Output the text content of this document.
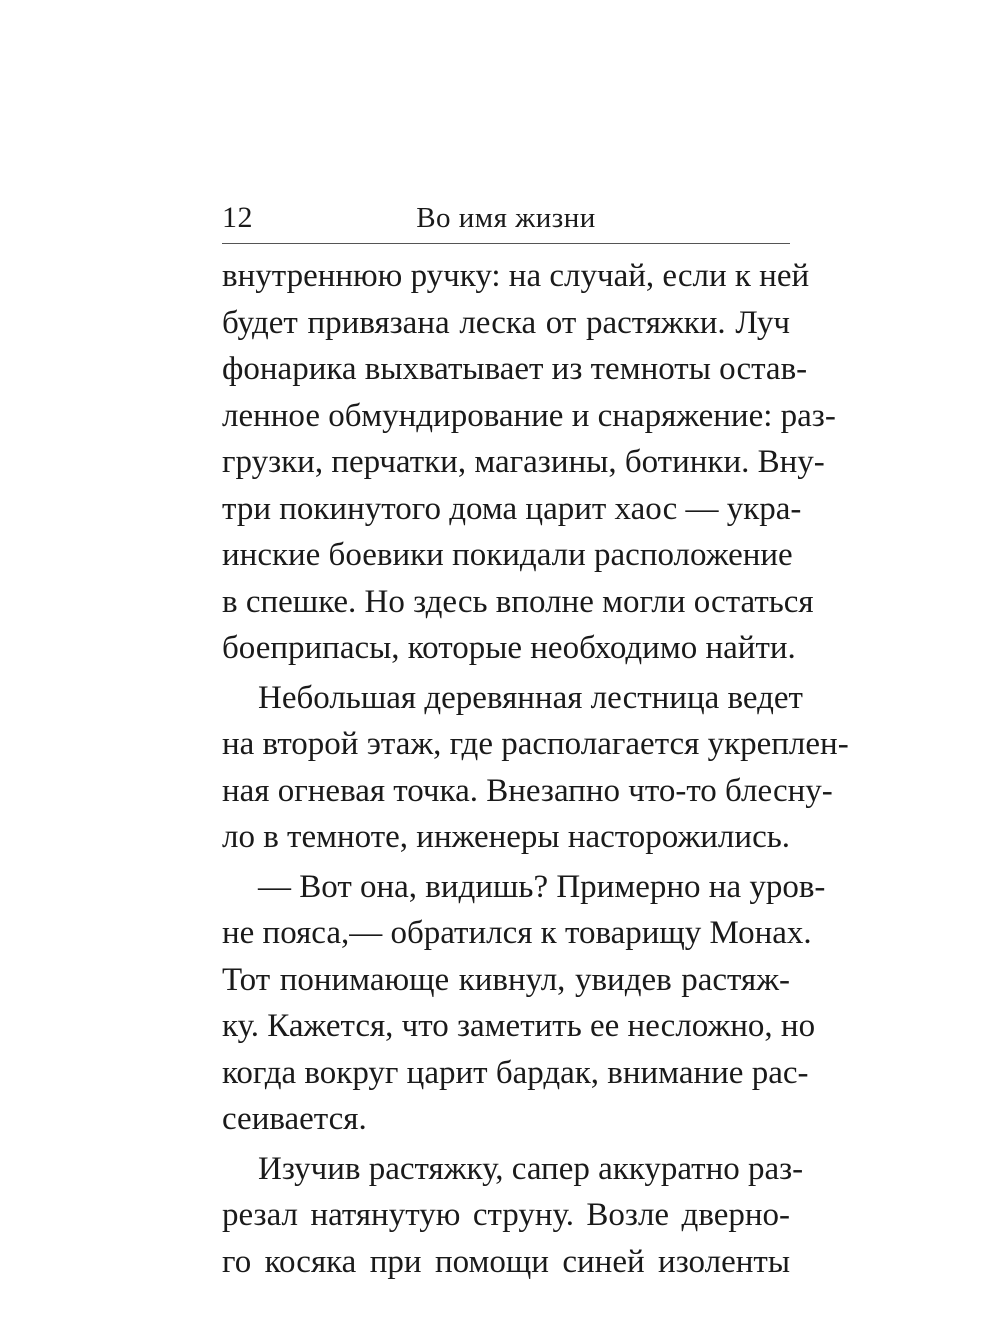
12	Во имя жизни
внутреннюю ручку: на случай, если к ней
будет привязана леска от растяжки. Луч
фонарика выхватывает из темноты остав-
ленное обмундирование и снаряжение: раз-
грузки, перчатки, магазины, ботинки. Вну-
три покинутого дома царит хаос — укра-
инские боевики покидали расположение
в спешке. Но здесь вполне могли остаться
боеприпасы, которые необходимо найти.
Небольшая деревянная лестница ведет
на второй этаж, где располагается укреплен-
ная огневая точка. Внезапно что-то блесну-
ло в темноте, инженеры насторожились.
— Вот она, видишь? Примерно на уров-
не пояса,— обратился к товарищу Монах.
Тот понимающе кивнул, увидев растяж-
ку. Кажется, что заметить ее несложно, но
когда вокруг царит бардак, внимание рас-
сеивается.
Изучив растяжку, сапер аккуратно раз-
резал натянутую струну. Возле дверно-
го косяка при помощи синей изоленты
